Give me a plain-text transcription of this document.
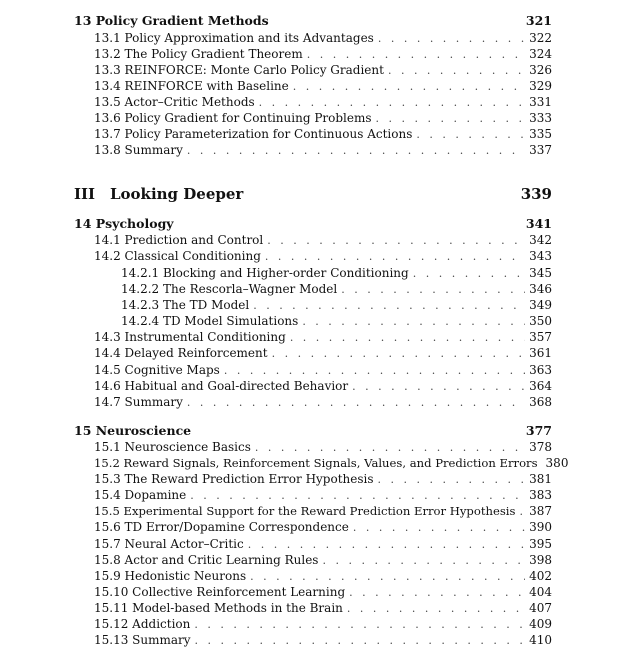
13 Policy Gradient Methods	321
13.1 Policy Approximation and its Advantages . . .	322
13.2 The Policy Gradient Theorem . . .	324
13.3 REINFORCE: Monte Carlo Policy Gradient . . .	326
13.4 REINFORCE with Baseline . . .	329
13.5 Actor–Critic Methods . . .	331
13.6 Policy Gradient for Continuing Problems . . .	333
13.7 Policy Parameterization for Continuous Actions . . .	335
13.8 Summary . . .	337
III Looking Deeper	339
14 Psychology	341
14.1 Prediction and Control . . .	342
14.2 Classical Conditioning . . .	343
14.2.1 Blocking and Higher-order Conditioning . . .	345
14.2.2 The Rescorla–Wagner Model . . .	346
14.2.3 The TD Model . . .	349
14.2.4 TD Model Simulations . . .	350
14.3 Instrumental Conditioning . . .	357
14.4 Delayed Reinforcement . . .	361
14.5 Cognitive Maps . . .	363
14.6 Habitual and Goal-directed Behavior . . .	364
14.7 Summary . . .	368
15 Neuroscience	377
15.1 Neuroscience Basics . . .	378
15.2 Reward Signals, Reinforcement Signals, Values, and Prediction Errors 380
15.3 The Reward Prediction Error Hypothesis . . .	381
15.4 Dopamine . . .	383
15.5 Experimental Support for the Reward Prediction Error Hypothesis . . .	387
15.6 TD Error/Dopamine Correspondence . . .	390
15.7 Neural Actor–Critic . . .	395
15.8 Actor and Critic Learning Rules . . .	398
15.9 Hedonistic Neurons . . .	402
15.10 Collective Reinforcement Learning . . .	404
15.11 Model-based Methods in the Brain . . .	407
15.12 Addiction . . .	409
15.13 Summary . . .	410
